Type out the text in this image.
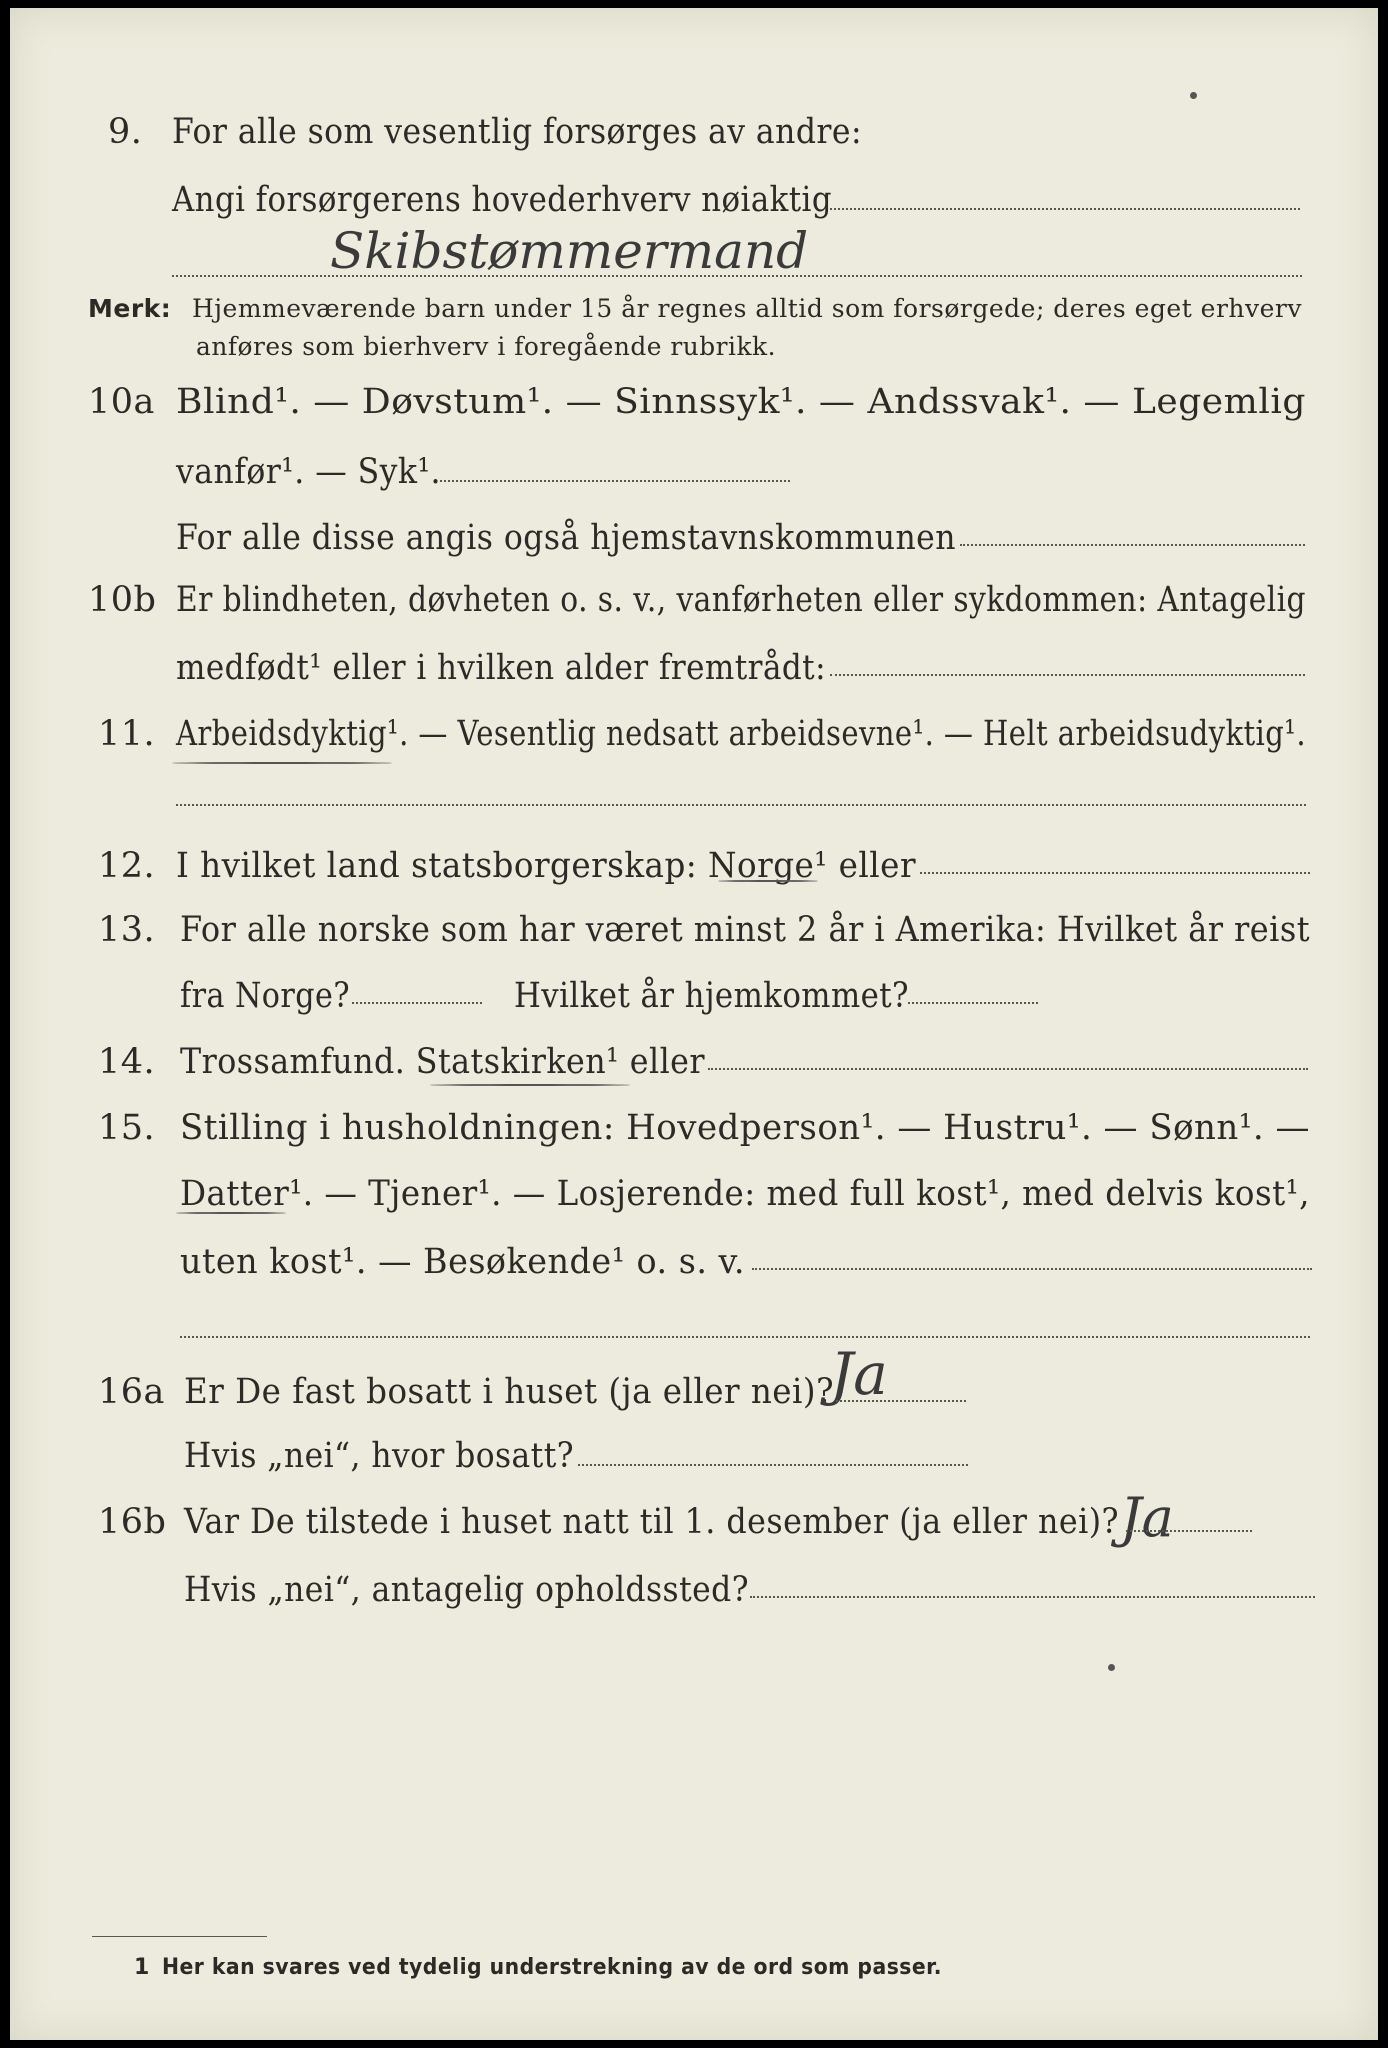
9. For alle som vesentlig forsørges av andre:
Angi forsørgerens hovederhverv nøiaktig
Skibstømmermand
Merk: Hjemmeværende barn under 15 år regnes alltid som forsørgede; deres eget erhverv
anføres som bierhverv i foregående rubrikk.
10a Blind¹. — Døvstum¹. — Sinnssyk¹. — Andssvak¹. — Legemlig
vanfør¹. — Syk¹.
For alle disse angis også hjemstavnskommunen
10b Er blindheten, døvheten o. s. v., vanførheten eller sykdommen: Antagelig
medfødt¹ eller i hvilken alder fremtrådt:
11. Arbeidsdyktig¹. — Vesentlig nedsatt arbeidsevne¹. — Helt arbeidsudyktig¹.
12. I hvilket land statsborgerskap: Norge¹ eller
13. For alle norske som har været minst 2 år i Amerika: Hvilket år reist
fra Norge?	Hvilket år hjemkommet?
14. Trossamfund. Statskirken¹ eller
15. Stilling i husholdningen: Hovedperson¹. — Hustru¹. — Sønn¹. —
Datter¹. — Tjener¹. — Losjerende: med full kost¹, med delvis kost¹,
uten kost¹. — Besøkende¹ o. s. v.
16a Er De fast bosatt i huset (ja eller nei)?
Ja
Hvis „nei“, hvor bosatt?
16b Var De tilstede i huset natt til 1. desember (ja eller nei)? Ja
Hvis „nei“, antagelig opholdssted?
1 Her kan svares ved tydelig understrekning av de ord som passer.
